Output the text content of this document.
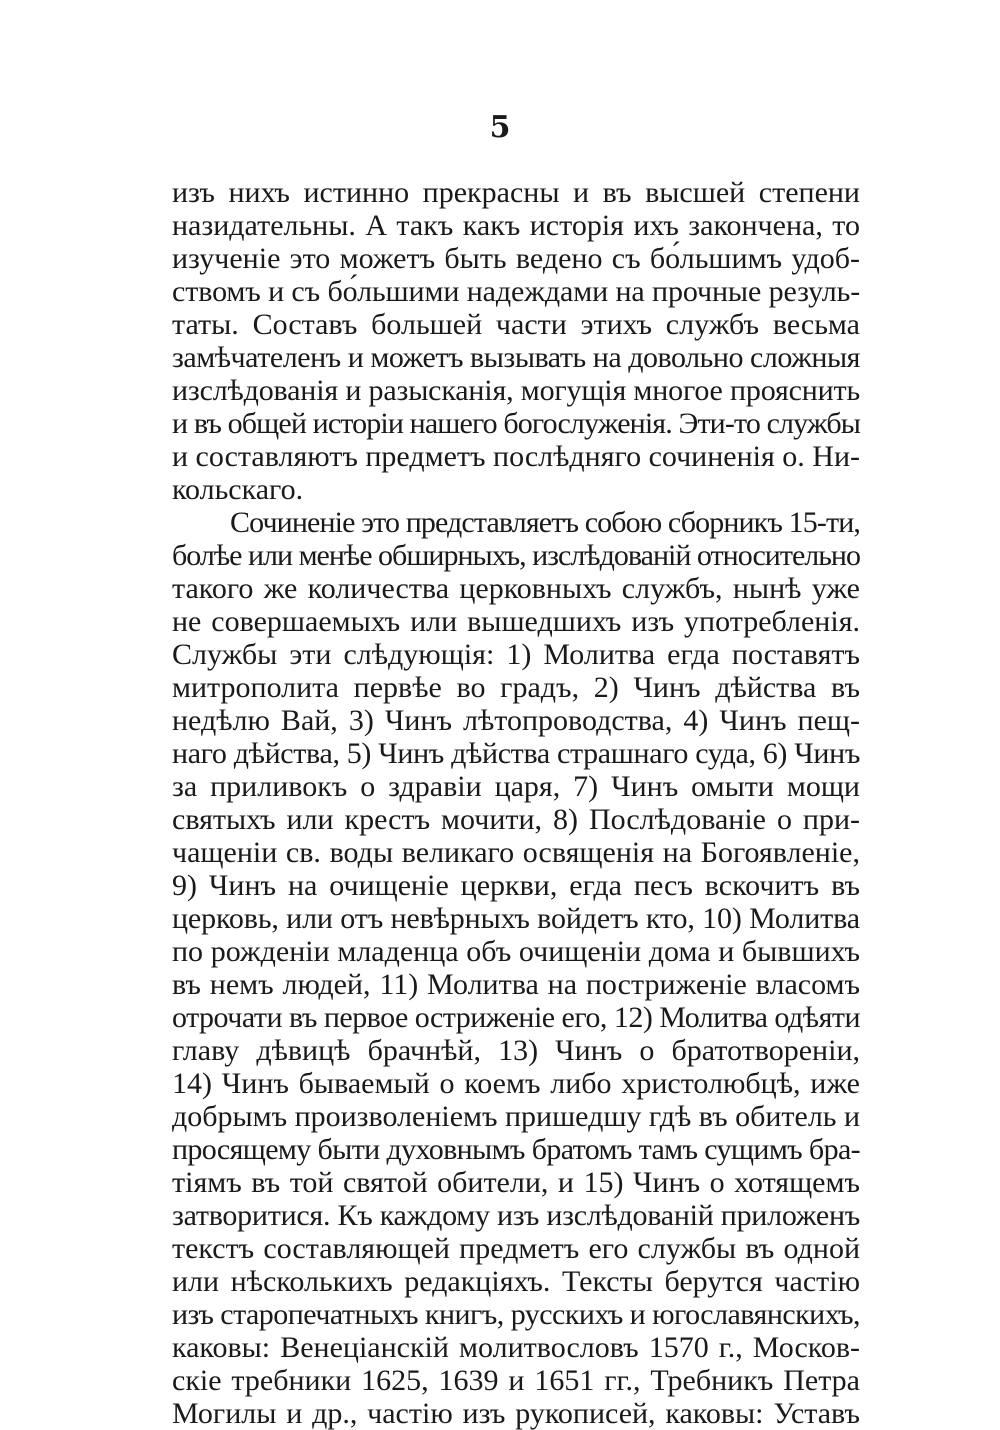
5
изъ нихъ истинно прекрасны и въ высшей степени
назидательны. А такъ какъ исторія ихъ закончена, то
изученіе это можетъ быть ведено съ бо́льшимъ удоб-
ствомъ и съ бо́льшими надеждами на прочные резуль-
таты. Составъ большей части этихъ службъ весьма
замѣчателенъ и можетъ вызывать на довольно сложныя
изслѣдованія и разысканія, могущія многое прояснить
и въ общей исторіи нашего богослуженія. Эти-то службы
и составляютъ предметъ послѣдняго сочиненія о. Ни-
кольскаго.
Сочиненіе это представляетъ собою сборникъ 15-ти,
болѣе или менѣе обширныхъ, изслѣдованій относительно
такого же количества церковныхъ службъ, нынѣ уже
не совершаемыхъ или вышедшихъ изъ употребленія.
Службы эти слѣдующія: 1) Молитва егда поставятъ
митрополита первѣе во градъ, 2) Чинъ дѣйства въ
недѣлю Вай, 3) Чинъ лѣтопроводства, 4) Чинъ пещ-
наго дѣйства, 5) Чинъ дѣйства страшнаго суда, 6) Чинъ
за приливокъ о здравіи царя, 7) Чинъ омыти мощи
святыхъ или крестъ мочити, 8) Послѣдованіе о при-
чащеніи св. воды великаго освященія на Богоявленіе,
9) Чинъ на очищеніе церкви, егда песъ вскочитъ въ
церковь, или отъ невѣрныхъ войдетъ кто, 10) Молитва
по рожденіи младенца объ очищеніи дома и бывшихъ
въ немъ людей, 11) Молитва на постриженіе власомъ
отрочати въ первое остриженіе его, 12) Молитва одѣяти
главу дѣвицѣ брачнѣй, 13) Чинъ о братотвореніи,
14) Чинъ бываемый о коемъ либо христолюбцѣ, иже
добрымъ произволеніемъ пришедшу гдѣ въ обитель и
просящему быти духовнымъ братомъ тамъ сущимъ бра-
тіямъ въ той святой обители, и 15) Чинъ о хотящемъ
затворитися. Къ каждому изъ изслѣдованій приложенъ
текстъ составляющей предметъ его службы въ одной
или нѣсколькихъ редакціяхъ. Тексты берутся частію
изъ старопечатныхъ книгъ, русскихъ и югославянскихъ,
каковы: Венеціанскій молитвословъ 1570 г., Москов-
скіе требники 1625, 1639 и 1651 гг., Требникъ Петра
Могилы и др., частію изъ рукописей, каковы: Уставъ
